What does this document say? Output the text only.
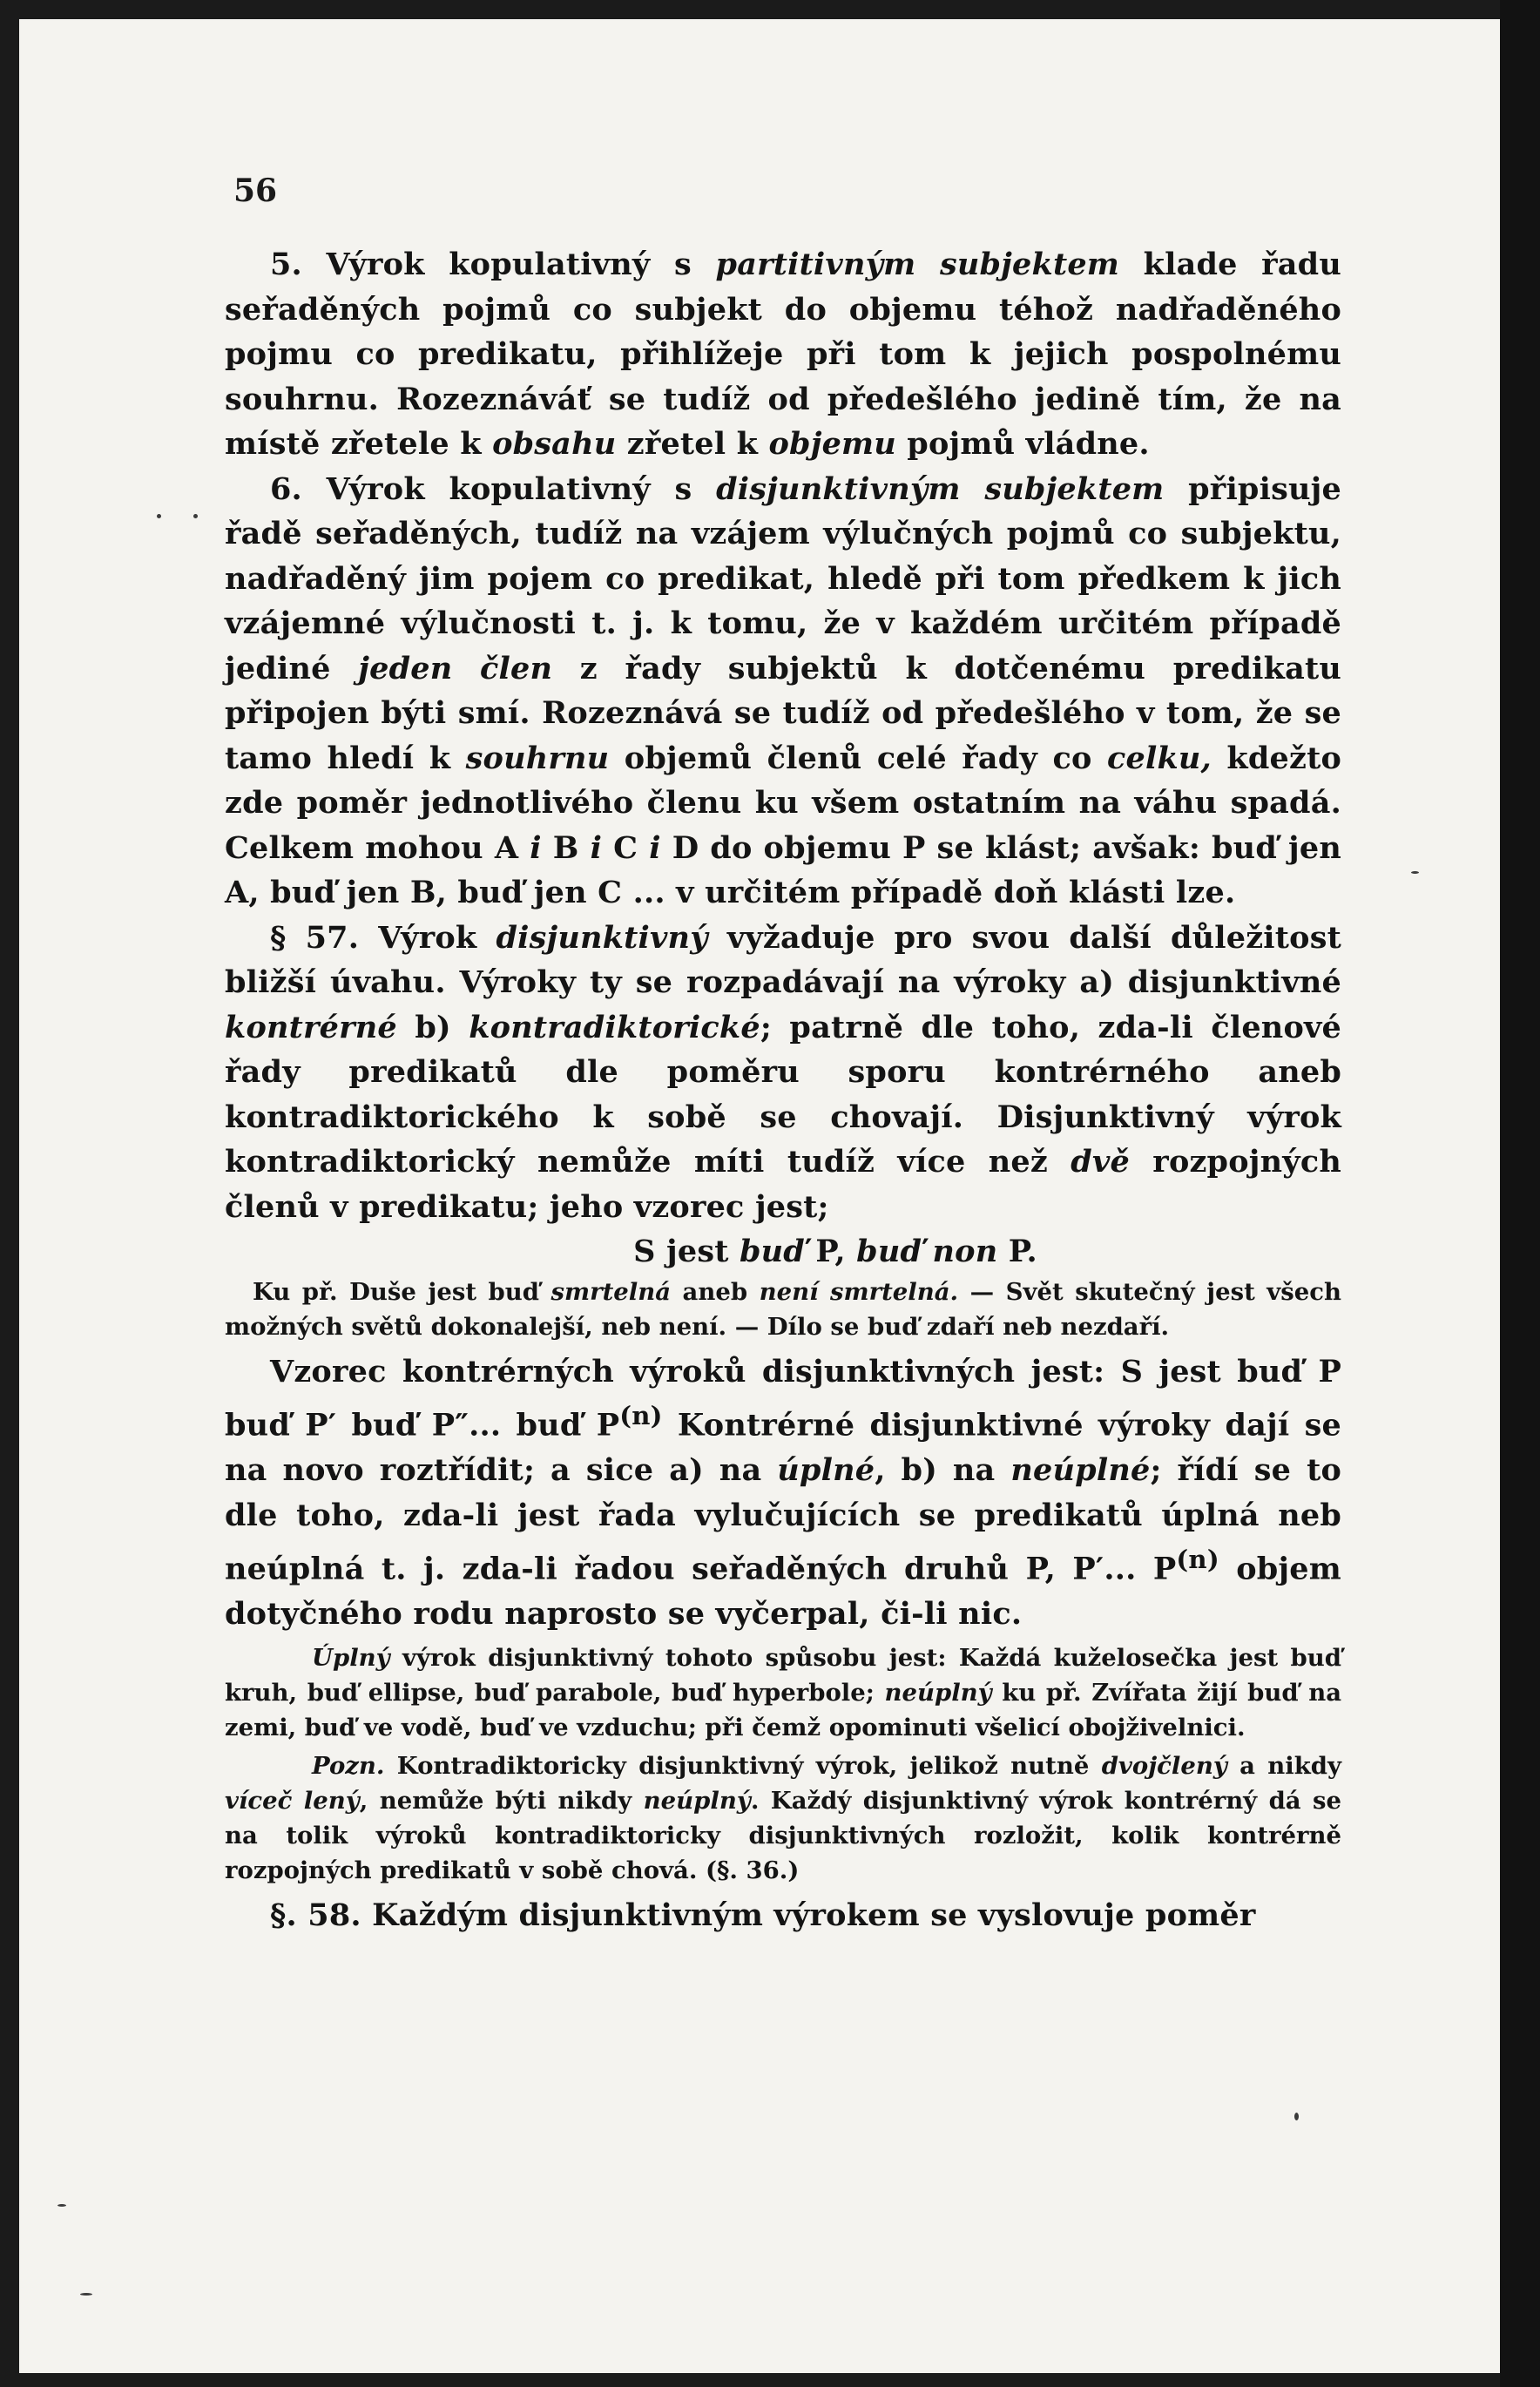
56

5. Výrok kopulativný s partitivným subjektem klade řadu seřaděných pojmů co subjekt do objemu téhož nadřaděného pojmu co predikatu, přihlížeje při tom k jejich pospolnému souhrnu. Rozeznáváť se tudíž od předešlého jedině tím, že na místě zřetele k obsahu zřetel k objemu pojmů vládne.

6. Výrok kopulativný s disjunktivným subjektem připisuje řadě seřaděných, tudíž na vzájem výlučných pojmů co subjektu, nadřaděný jim pojem co predikat, hledě při tom předkem k jich vzájemné výlučnosti t. j. k tomu, že v každém určitém případě jediné jeden člen z řady subjektů k dotčenému predikatu připojen býti smí. Rozeznává se tudíž od předešlého v tom, že se tamo hledí k souhrnu objemů členů celé řady co celku, kdežto zde poměr jednotlivého členu ku všem ostatním na váhu spadá. Celkem mohou A i B i C i D do objemu P se klást; avšak: buď jen A, buď jen B, buď jen C ... v určitém případě doň klásti lze.

§ 57. Výrok disjunktivný vyžaduje pro svou další důležitost bližší úvahu. Výroky ty se rozpadávají na výroky a) disjunktivné kontrérné b) kontradiktorické; patrně dle toho, zda-li členové řady predikatů dle poměru sporu kontrérného aneb kontradiktorického k sobě se chovají. Disjunktivný výrok kontradiktorický nemůže míti tudíž více než dvě rozpojných členů v predikatu; jeho vzorec jest;

S jest buď P, buď non P.

Ku př. Duše jest buď smrtelná aneb není smrtelná. — Svět skutečný jest všech možných světů dokonalejší, neb není. — Dílo se buď zdaří neb nezdaří.

Vzorec kontrérných výroků disjunktivných jest: S jest buď P buď P′ buď P″... buď $P^{(n)}$ Kontrérné disjunktivné výroky dají se na novo roztřídit; a sice a) na úplné, b) na neúplné; řídí se to dle toho, zda-li jest řada vylučujících se predikatů úplná neb neúplná t. j. zda-li řadou seřaděných druhů P, P′... $P^{(n)}$ objem dotyčného rodu naprosto se vyčerpal, či-li nic.

Úplný výrok disjunktivný tohoto spůsobu jest: Každá kuželosečka jest buď kruh, buď ellipse, buď parabole, buď hyperbole; neúplný ku př. Zvířata žijí buď na zemi, buď ve vodě, buď ve vzduchu; při čemž opominuti všelicí obojživelnici.

Pozn. Kontradiktoricky disjunktivný výrok, jelikož nutně dvojčlený a nikdy víceč lený, nemůže býti nikdy neúplný. Každý disjunktivný výrok kontrérný dá se na tolik výroků kontradiktoricky disjunktivných rozložit, kolik kontrérně rozpojných predikatů v sobě chová. (§. 36.)

§. 58. Každým disjunktivným výrokem se vyslovuje poměr
